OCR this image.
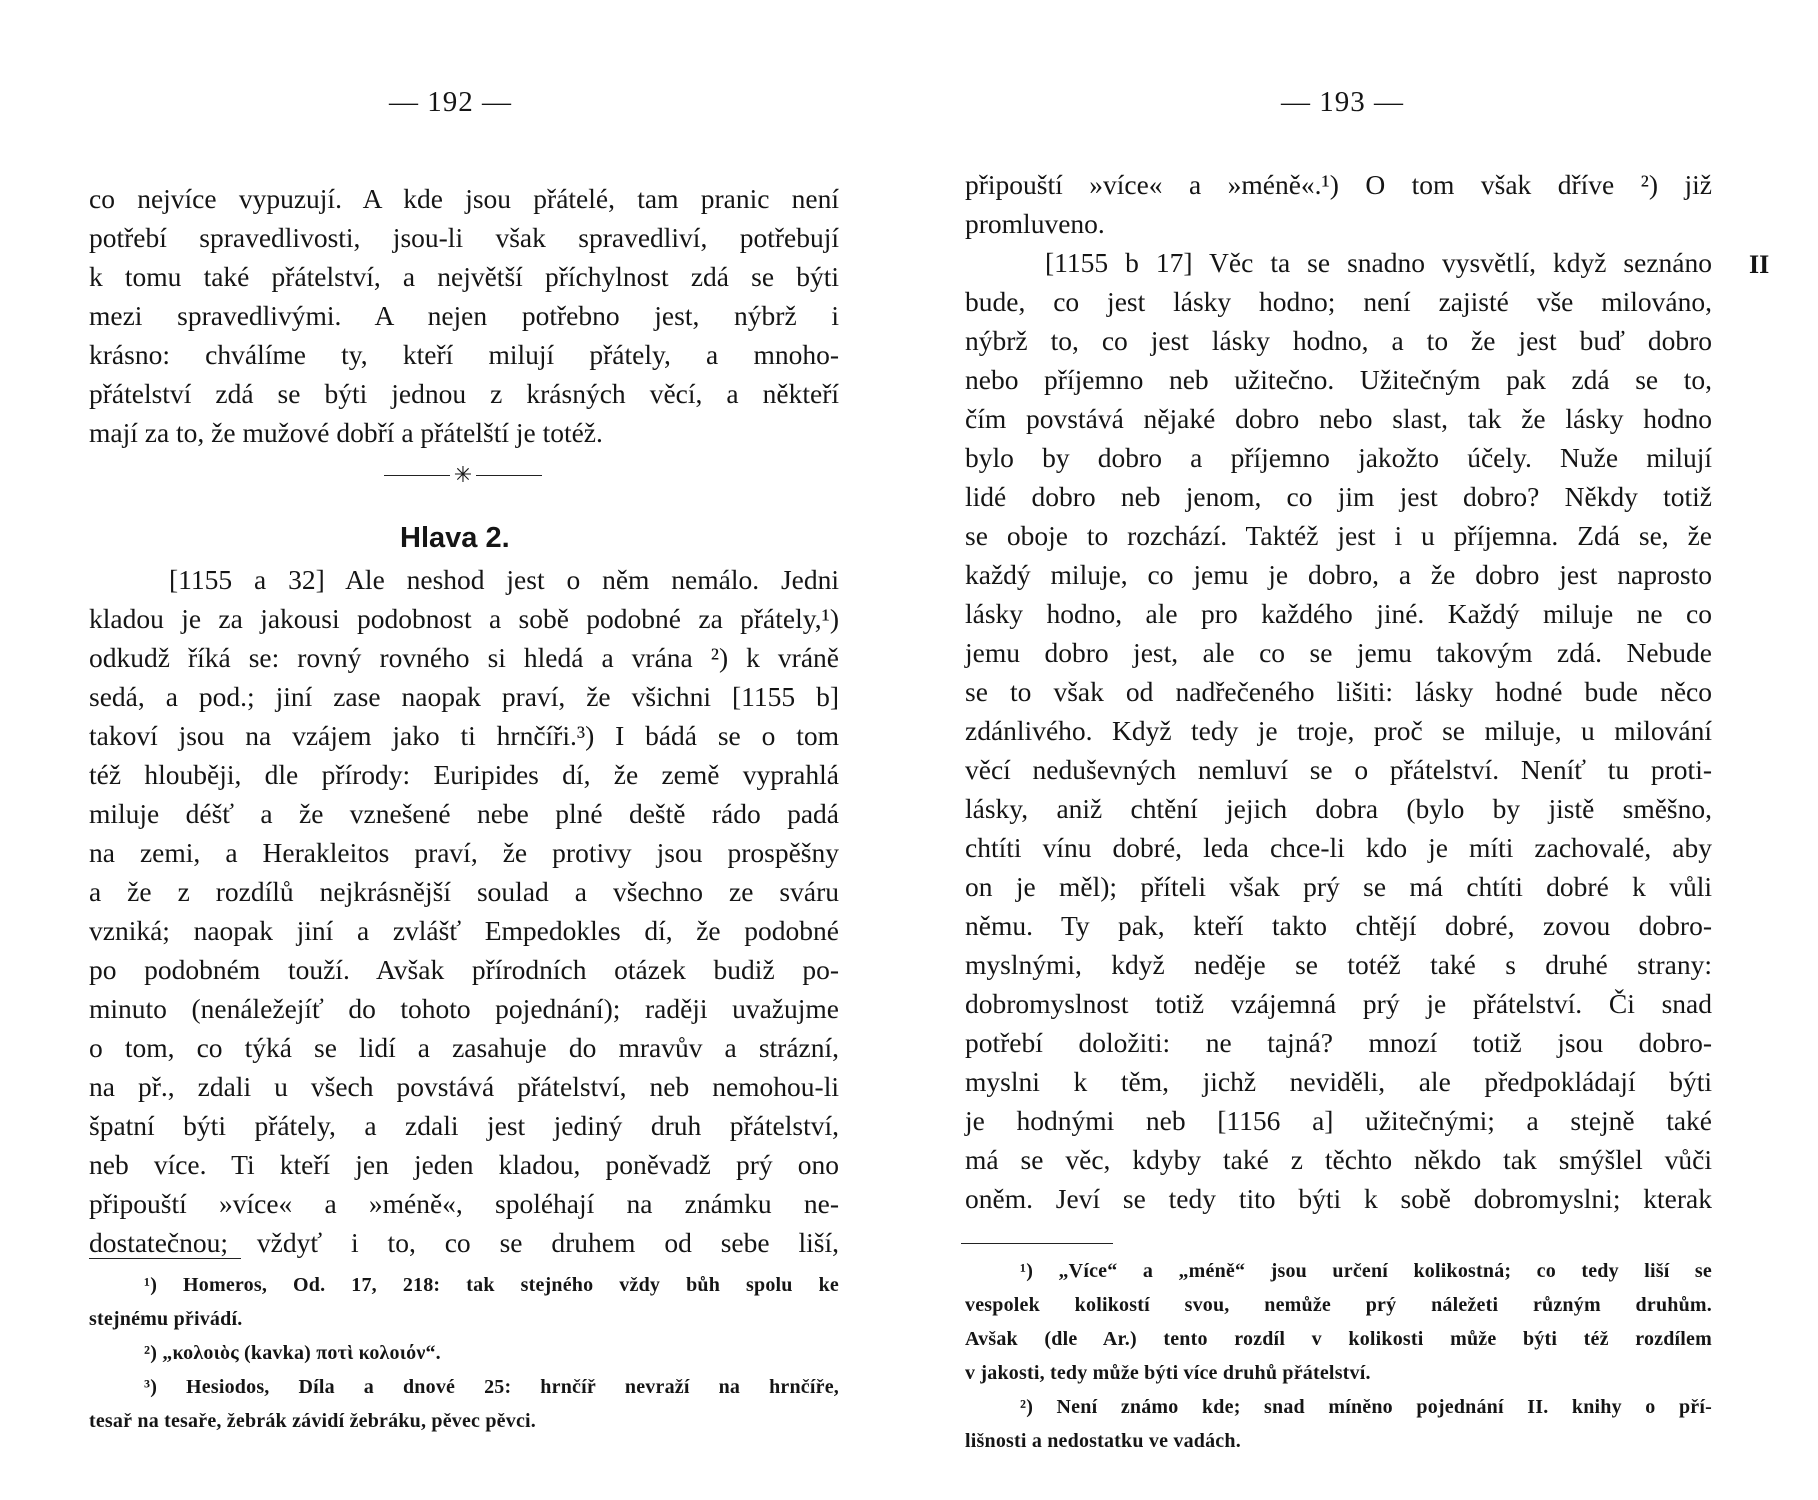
— 192 —
co nejvíce vypuzují. A kde jsou přátelé, tam pranic není
potřebí spravedlivosti, jsou-li však spravedliví, potřebují
k tomu také přátelství, a největší příchylnost zdá se býti
mezi spravedlivými. A nejen potřebno jest, nýbrž i
krásno: chválíme ty, kteří milují přátely, a mnoho-
přátelství zdá se býti jednou z krásných věcí, a někteří
mají za to, že mužové dobří a přátelští je totéž.
✳
Hlava 2.
[1155 a 32] Ale neshod jest o něm nemálo. Jedni
kladou je za jakousi podobnost a sobě podobné za přátely,¹)
odkudž říká se: rovný rovného si hledá a vrána ²) k vráně
sedá, a pod.; jiní zase naopak praví, že všichni [1155 b]
takoví jsou na vzájem jako ti hrnčíři.³) I bádá se o tom
též hlouběji, dle přírody: Euripides dí, že země vyprahlá
miluje déšť a že vznešené nebe plné deště rádo padá
na zemi, a Herakleitos praví, že protivy jsou prospěšny
a že z rozdílů nejkrásnější soulad a všechno ze sváru
vzniká; naopak jiní a zvlášť Empedokles dí, že podobné
po podobném touží. Avšak přírodních otázek budiž po-
minuto (nenáležejíť do tohoto pojednání); raději uvažujme
o tom, co týká se lidí a zasahuje do mravův a strázní,
na př., zdali u všech povstává přátelství, neb nemohou-li
špatní býti přátely, a zdali jest jediný druh přátelství,
neb více. Ti kteří jen jeden kladou, poněvadž prý ono
připouští »více« a »méně«, spoléhají na známku ne-
dostatečnou; vždyť i to, co se druhem od sebe liší,
¹) Homeros, Od. 17, 218: tak stejného vždy bůh spolu ke
stejnému přivádí.
²) „κολοιὸς (kavka) ποτὶ κολοιόν“.
³) Hesiodos, Díla a dnové 25: hrnčíř nevraží na hrnčíře,
tesař na tesaře, žebrák závidí žebráku, pěvec pěvci.
— 193 —
II
připouští »více« a »méně«.¹) O tom však dříve ²) již
promluveno.
[1155 b 17] Věc ta se snadno vysvětlí, když seznáno
bude, co jest lásky hodno; není zajisté vše milováno,
nýbrž to, co jest lásky hodno, a to že jest buď dobro
nebo příjemno neb užitečno. Užitečným pak zdá se to,
čím povstává nějaké dobro nebo slast, tak že lásky hodno
bylo by dobro a příjemno jakožto účely. Nuže milují
lidé dobro neb jenom, co jim jest dobro? Někdy totiž
se oboje to rozchází. Taktéž jest i u příjemna. Zdá se, že
každý miluje, co jemu je dobro, a že dobro jest naprosto
lásky hodno, ale pro každého jiné. Každý miluje ne co
jemu dobro jest, ale co se jemu takovým zdá. Nebude
se to však od nadřečeného lišiti: lásky hodné bude něco
zdánlivého. Když tedy je troje, proč se miluje, u milování
věcí neduševných nemluví se o přátelství. Neníť tu proti-
lásky, aniž chtění jejich dobra (bylo by jistě směšno,
chtíti vínu dobré, leda chce-li kdo je míti zachovalé, aby
on je měl); příteli však prý se má chtíti dobré k vůli
němu. Ty pak, kteří takto chtějí dobré, zovou dobro-
myslnými, když neděje se totéž také s druhé strany:
dobromyslnost totiž vzájemná prý je přátelství. Či snad
potřebí doložiti: ne tajná? mnozí totiž jsou dobro-
myslni k těm, jichž neviděli, ale předpokládají býti
je hodnými neb [1156 a] užitečnými; a stejně také
má se věc, kdyby také z těchto někdo tak smýšlel vůči
oněm. Jeví se tedy tito býti k sobě dobromyslni; kterak
¹) „Více“ a „méně“ jsou určení kolikostná; co tedy liší se
vespolek kolikostí svou, nemůže prý náležeti různým druhům.
Avšak (dle Ar.) tento rozdíl v kolikosti může býti též rozdílem
v jakosti, tedy může býti více druhů přátelství.
²) Není známo kde; snad míněno pojednání II. knihy o pří-
lišnosti a nedostatku ve vadách.
